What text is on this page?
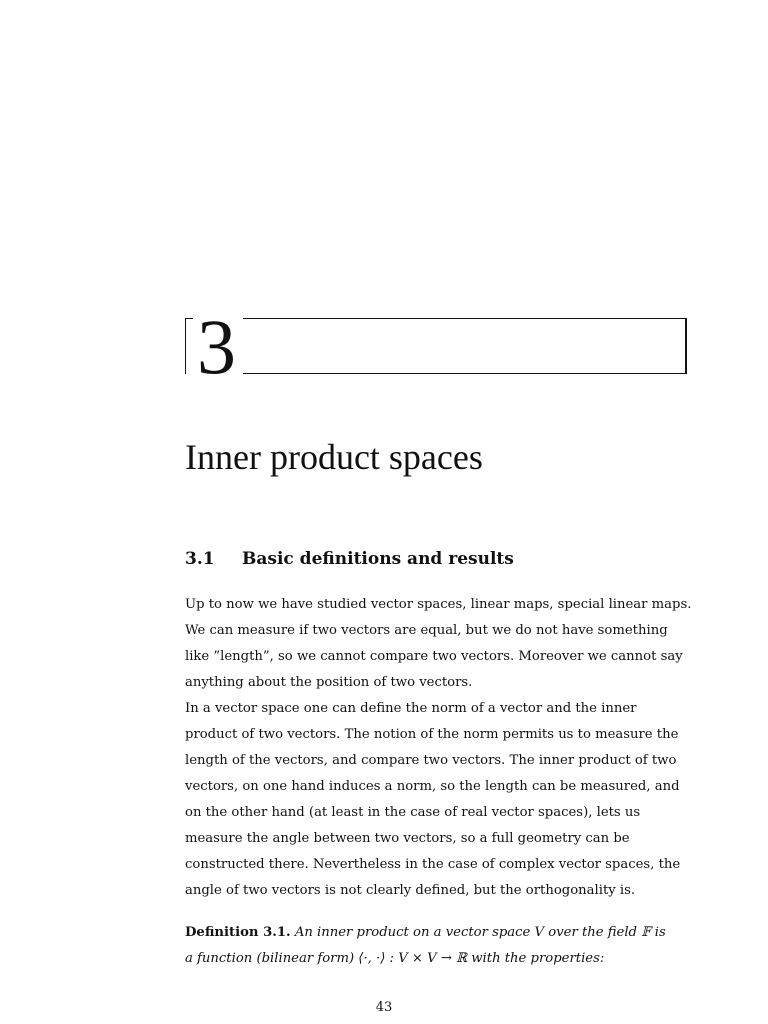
3
Inner product spaces
3.1 Basic definitions and results
Up to now we have studied vector spaces, linear maps, special linear maps.
We can measure if two vectors are equal, but we do not have something
like ”length”, so we cannot compare two vectors. Moreover we cannot say
anything about the position of two vectors.
In a vector space one can define the norm of a vector and the inner
product of two vectors. The notion of the norm permits us to measure the
length of the vectors, and compare two vectors. The inner product of two
vectors, on one hand induces a norm, so the length can be measured, and
on the other hand (at least in the case of real vector spaces), lets us
measure the angle between two vectors, so a full geometry can be
constructed there. Nevertheless in the case of complex vector spaces, the
angle of two vectors is not clearly defined, but the orthogonality is.
Definition 3.1. An inner product on a vector space V over the field 𝔽 is
a function (bilinear form) ⟨·, ·⟩ : V × V → ℝ with the properties:
43
